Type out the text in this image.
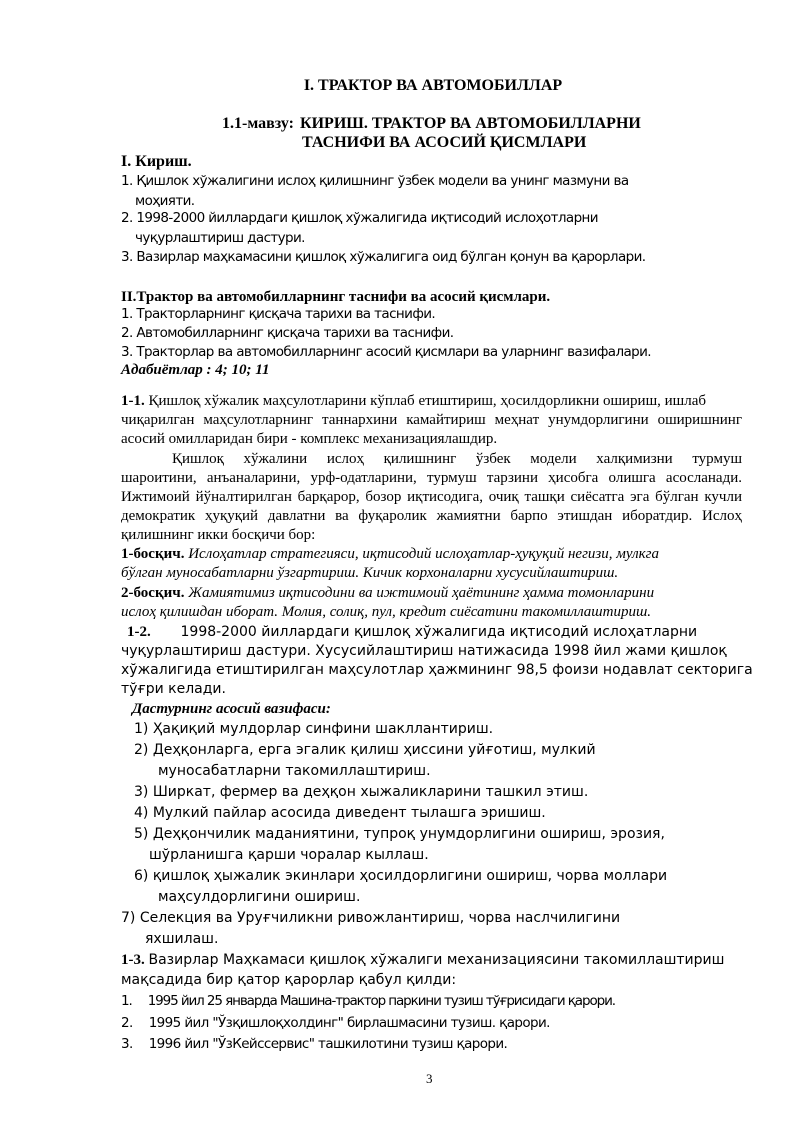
I. ТРАКТОР ВА АВТОМОБИЛЛАР
1.1-мавзу: КИРИШ. ТРАКТОР ВА АВТОМОБИЛЛАРНИ
ТАСНИФИ ВА АСОСИЙ ҚИСМЛАРИ
I. Кириш.
1. Қишлок хўжалигини ислоҳ қилишнинг ўзбек модели ва унинг мазмуни ва
моҳияти.
2. 1998-2000 йиллардаги қишлоқ хўжалигида иқтисодий ислоҳотларни
чуқурлаштириш дастури.
3. Вазирлар маҳкамасини қишлоқ хўжалигига оид бўлган қонун ва қарорлари.
II.Трактор ва автомобилларнинг таснифи ва асосий қисмлари.
1. Тракторларнинг қисқача тарихи ва таснифи.
2. Автомобилларнинг қисқача тарихи ва таснифи.
3. Тракторлар ва автомобилларнинг асосий қисмлари ва уларнинг вазифалари.
Адабиётлар : 4; 10; 11
1-1. Қишлоқ хўжалик маҳсулотларини кўплаб етиштириш, ҳосилдорликни ошириш, ишлаб
чиқарилган маҳсулотларнинг таннархини камайтириш меҳнат унумдорлигини оширишнинг
асосий омилларидан бири - комплекс механизациялашдир.
Қишлоқ хўжалини ислоҳ қилишнинг ўзбек модели халқимизни турмуш
шароитини, анъаналарини, урф-одатларини, турмуш тарзини ҳисобга олишга асосланади.
Ижтимоий йўналтирилган барқарор, бозор иқтисодига, очиқ ташқи сиёсатга эга бўлган кучли
демократик ҳуқуқий давлатни ва фуқаролик жамиятни барпо этишдан иборатдир. Ислоҳ
қилишнинг икки босқичи бор:
1-босқич. Ислоҳатлар стратегияси, иқтисодий ислоҳатлар-ҳуқуқий негизи, мулкга
бўлган муносабатларни ўзгартириш. Кичик корхоналарни хусусийлаштириш.
2-босқич. Жамиятимиз иқтисодини ва ижтимоий ҳаётининг ҳамма томонларини
ислоҳ қилишдан иборат. Молия, солиқ, пул, кредит сиёсатини такомиллаштириш.
1-2. 1998-2000 йиллардаги қишлоқ хўжалигида иқтисодий ислоҳатларни
чуқурлаштириш дастури. Хусусийлаштириш натижасида 1998 йил жами қишлоқ
хўжалигида етиштирилган маҳсулотлар ҳажмининг 98,5 фоизи нодавлат секторига
тўғри келади.
Дастурнинг асосий вазифаси:
1) Ҳақиқий мулдорлар синфини шакллантириш.
2) Деҳқонларга, ерга эгалик қилиш ҳиссини уйғотиш, мулкий
муносабатларни такомиллаштириш.
3) Ширкат, фермер ва деҳқон хыжаликларини ташкил этиш.
4) Мулкий пайлар асосида диведент тылашга эришиш.
5) Деҳқончилик маданиятини, тупроқ унумдорлигини ошириш, эрозия,
шўрланишга қарши чоралар кыллаш.
6) қишлоқ ҳыжалик экинлари ҳосилдорлигини ошириш, чорва моллари
маҳсулдорлигини ошириш.
7) Селекция ва Уруғчиликни ривожлантириш, чорва наслчилигини
яхшилаш.
1-3. Вазирлар Маҳкамаси қишлоқ хўжалиги механизациясини такомиллаштириш
мақсадида бир қатор қарорлар қабул қилди:
1. 1995 йил 25 январда Машина-трактор паркини тузиш тўғрисидаги қарори.
2. 1995 йил "Ўзқишлоқхолдинг" бирлашмасини тузиш. қарори.
3. 1996 йил "ЎзКейссервис" ташкилотини тузиш қарори.
3
